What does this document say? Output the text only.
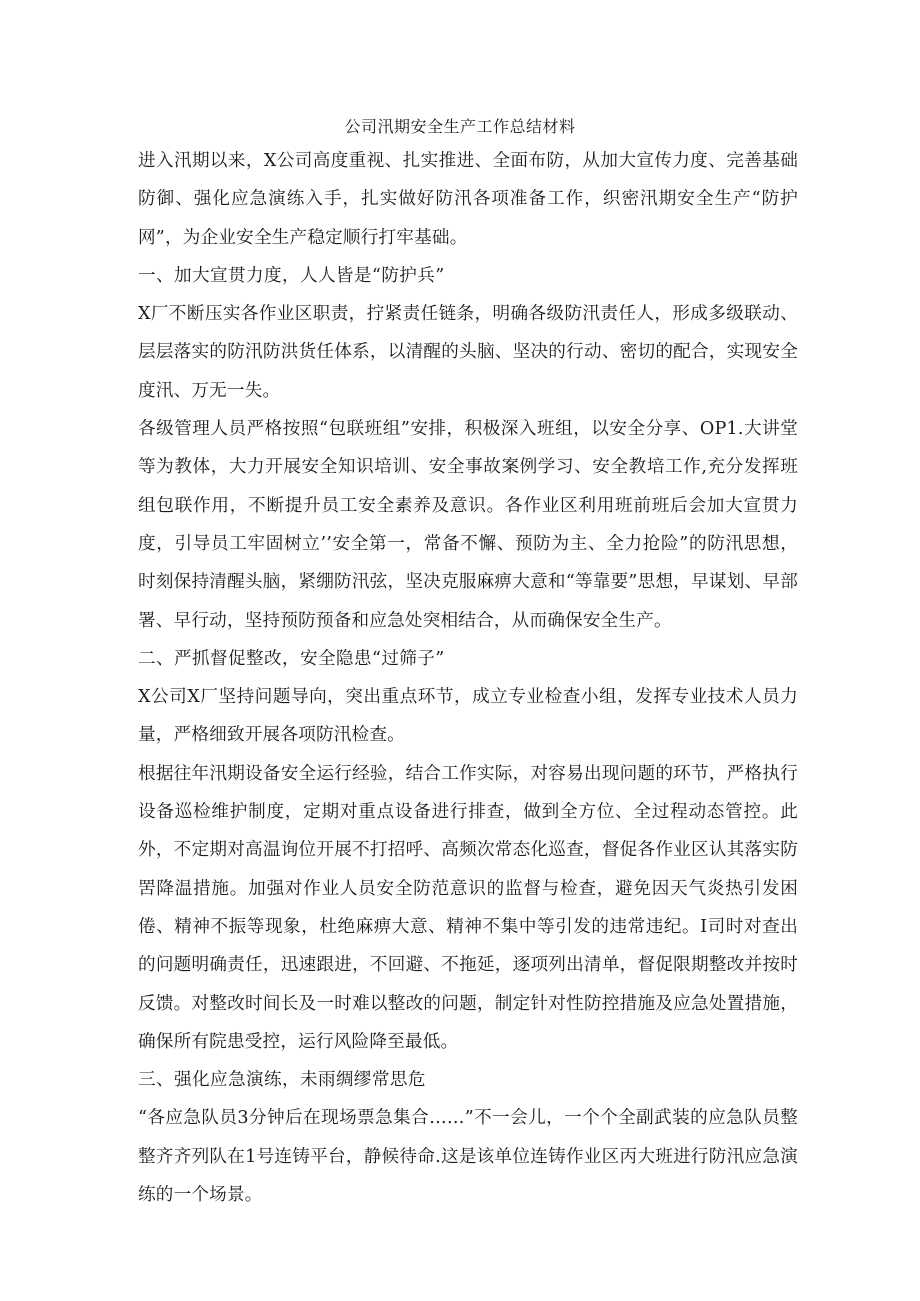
公司汛期安全生产工作总结材料

进入汛期以来，X公司高度重视、扎实推进、全面布防，从加大宣传力度、完善基础防御、强化应急演练入手，扎实做好防汛各项准备工作，织密汛期安全生产“防护网”，为企业安全生产稳定顺行打牢基础。

一、加大宣贯力度，人人皆是“防护兵”

X厂不断压实各作业区职责，拧紧责任链条，明确各级防汛责任人，形成多级联动、层层落实的防汛防洪货任体系，以清醒的头脑、坚决的行动、密切的配合，实现安全度汛、万无一失。

各级管理人员严格按照“包联班组”安排，积极深入班组，以安全分享、OP1.大讲堂等为教体，大力开展安全知识培训、安全事故案例学习、安全教培工作,充分发挥班组包联作用，不断提升员工安全素养及意识。各作业区利用班前班后会加大宣贯力度，引导员工牢固树立’’安全第一，常备不懈、预防为主、全力抢险”的防汛思想，时刻保持清醒头脑，紧绷防汛弦，坚决克服麻痹大意和“等靠要”思想，早谋划、早部署、早行动，坚持预防预备和应急处突相结合，从而确保安全生产。

二、严抓督促整改，安全隐患“过筛子”

X公司X厂坚持问题导向，突出重点环节，成立专业检查小组，发挥专业技术人员力量，严格细致开展各项防汛检查。

根据往年汛期设备安全运行经验，结合工作实际，对容易出现问题的环节，严格执行设备巡检维护制度，定期对重点设备进行排查，做到全方位、全过程动态管控。此外，不定期对高温询位开展不打招呼、高频次常态化巡查，督促各作业区认其落实防罟降温措施。加强对作业人员安全防范意识的监督与检查，避免因天气炎热引发困倦、精神不振等现象，杜绝麻痹大意、精神不集中等引发的违常违纪。I司时对查出的问题明确责任，迅速跟进，不回避、不拖延，逐项列出清单，督促限期整改并按时反馈。对整改时间长及一时难以整改的问题，制定针对性防控措施及应急处置措施，确保所有院患受控，运行风险降至最低。

三、强化应急演练，未雨绸缪常思危

“各应急队员3分钟后在现场票急集合……”不一会儿，一个个全副武装的应急队员整整齐齐列队在1号连铸平台，静候待命.这是该单位连铸作业区丙大班进行防汛应急演练的一个场景。
